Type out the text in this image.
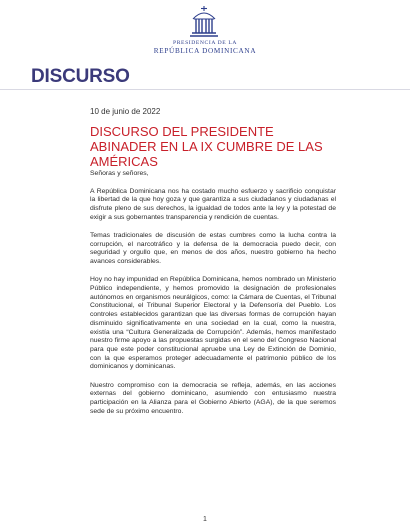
PRESIDENCIA DE LA
REPÚBLICA DOMINICANA
DISCURSO
10 de junio de 2022
DISCURSO DEL PRESIDENTE ABINADER EN LA IX CUMBRE DE LAS AMÉRICAS

Señoras y señores,

A República Dominicana nos ha costado mucho esfuerzo y sacrificio conquistar la libertad de la que hoy goza y que garantiza a sus ciudadanos y ciudadanas el disfrute pleno de sus derechos, la igualdad de todos ante la ley y la potestad de exigir a sus gobernantes transparencia y rendición de cuentas.

Temas tradicionales de discusión de estas cumbres como la lucha contra la corrupción, el narcotráfico y la defensa de la democracia puedo decir, con seguridad y orgullo que, en menos de dos años, nuestro gobierno ha hecho avances considerables.

Hoy no hay impunidad en República Dominicana, hemos nombrado un Ministerio Público independiente, y hemos promovido la designación de profesionales autónomos en organismos neurálgicos, como: la Cámara de Cuentas, el Tribunal Constitucional, el Tribunal Superior Electoral y la Defensoría del Pueblo. Los controles establecidos garantizan que las diversas formas de corrupción hayan disminuido significativamente en una sociedad en la cual, como la nuestra, existía una “Cultura Generalizada de Corrupción”. Además, hemos manifestado nuestro firme apoyo a las propuestas surgidas en el seno del Congreso Nacional para que este poder constitucional apruebe una Ley de Extinción de Dominio, con la que esperamos proteger adecuadamente el patrimonio público de los dominicanos y dominicanas.

Nuestro compromiso con la democracia se refleja, además, en las acciones externas del gobierno dominicano, asumiendo con entusiasmo nuestra participación en la Alianza para el Gobierno Abierto (AGA), de la que seremos sede de su próximo encuentro.

1
